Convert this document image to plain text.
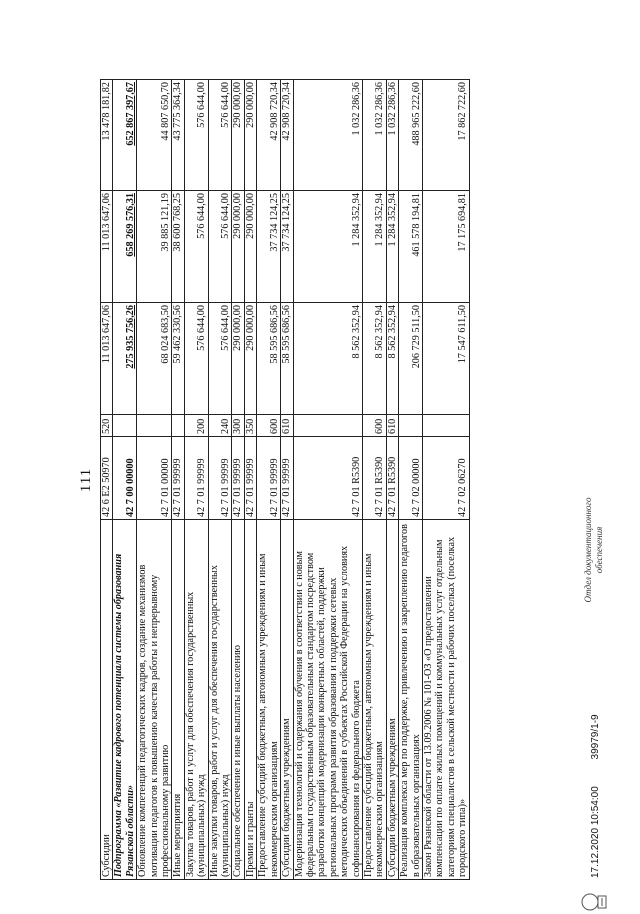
111
Субсидии	42 6 E2 50970	520	11 013 647,06	11 013 647,06	13 478 181,82
Подпрограмма «Развитие кадрового потенциала системы образования Рязанской области»	42 7 00 00000		275 935 756,26	658 269 576,31	652 867 397,67
Обновление компетенций педагогических кадров, создание механизмов мотивации педагогов к повышению качества работы и непрерывному профессиональному развитию	42 7 01 00000		68 024 683,50	39 885 121,19	44 807 650,70
Иные мероприятия	42 7 01 99999		59 462 330,56	38 600 768,25	43 775 364,34
Закупка товаров, работ и услуг для обеспечения государственных (муниципальных) нужд	42 7 01 99999	200	576 644,00	576 644,00	576 644,00
Иные закупки товаров, работ и услуг для обеспечения государственных (муниципальных) нужд	42 7 01 99999	240	576 644,00	576 644,00	576 644,00
Социальное обеспечение и иные выплаты населению	42 7 01 99999	300	290 000,00	290 000,00	290 000,00
Премии и гранты	42 7 01 99999	350	290 000,00	290 000,00	290 000,00
Предоставление субсидий бюджетным, автономным учреждениям и иным некоммерческим организациям	42 7 01 99999	600	58 595 686,56	37 734 124,25	42 908 720,34
Субсидии бюджетным учреждениям	42 7 01 99999	610	58 595 686,56	37 734 124,25	42 908 720,34
Модернизация технологий и содержания обучения в соответствии с новым федеральным государственным образовательным стандартом посредством разработки концепций модернизации конкретных областей, поддержки региональных программ развития образования и поддержки сетевых методических объединений в субъектах Российской Федерации на условиях софинансирования из федерального бюджета	42 7 01 R5390		8 562 352,94	1 284 352,94	1 032 286,36
Предоставление субсидий бюджетным, автономным учреждениям и иным некоммерческим организациям	42 7 01 R5390	600	8 562 352,94	1 284 352,94	1 032 286,36
Субсидии бюджетным учреждениям	42 7 01 R5390	610	8 562 352,94	1 284 352,94	1 032 286,36
Реализация комплекса мер по поддержке, привлечению и закреплению педагогов в образовательных организациях	42 7 02 00000		206 729 511,50	461 578 194,81	488 965 222,60
Закон Рязанской области от 13.09.2006 № 101-ОЗ «О предоставлении компенсации по оплате жилых помещений и коммунальных услуг отдельным категориям специалистов в сельской местности и рабочих поселках (поселках городского типа)»	42 7 02 06270		17 547 611,50	17 175 694,81	17 862 722,60
17.12.2020 10:54:00 39979/1-9
Отдел документационного обеспечения
